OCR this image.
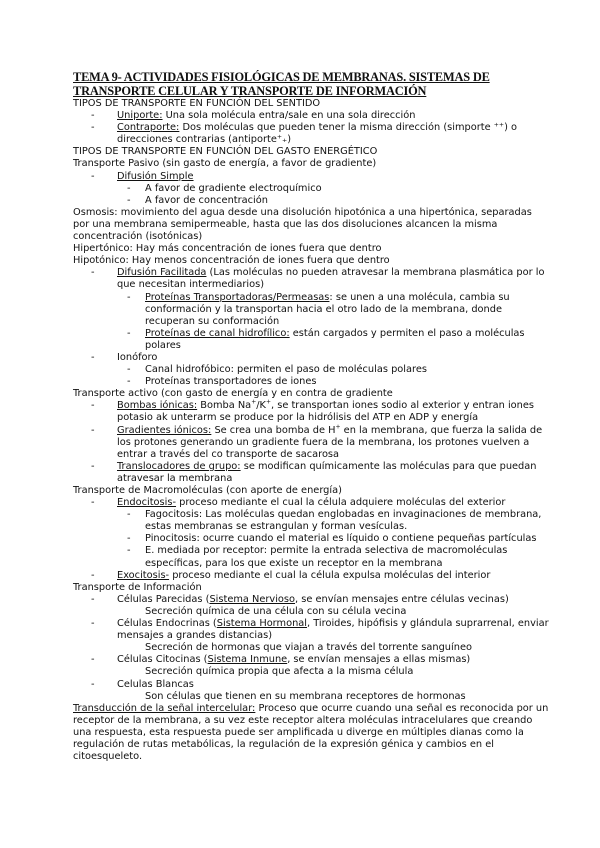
TEMA 9- ACTIVIDADES FISIOLÓGICAS DE MEMBRANAS. SISTEMAS DE
TRANSPORTE CELULAR Y TRANSPORTE DE INFORMACIÓN
TIPOS DE TRANSPORTE EN FUNCIÓN DEL SENTIDO
- Uniporte: Una sola molécula entra/sale en una sola dirección
- Contraporte: Dos moléculas que pueden tener la misma dirección (simporte ⁺⁺) o direcciones contrarias (antiporte⁺₊)
TIPOS DE TRANSPORTE EN FUNCIÓN DEL GASTO ENERGÉTICO
Transporte Pasivo (sin gasto de energía, a favor de gradiente)
- Difusión Simple
- A favor de gradiente electroquímico
- A favor de concentración
Osmosis: movimiento del agua desde una disolución hipotónica a una hipertónica, separadas por una membrana semipermeable, hasta que las dos disoluciones alcancen la misma concentración (isotónicas)
Hipertónico: Hay más concentración de iones fuera que dentro
Hipotónico: Hay menos concentración de iones fuera que dentro
- Difusión Facilitada (Las moléculas no pueden atravesar la membrana plasmática por lo que necesitan intermediarios)
- Proteínas Transportadoras/Permeasas: se unen a una molécula, cambia su conformación y la transportan hacia el otro lado de la membrana, donde recuperan su conformación
- Proteínas de canal hidrofílico: están cargados y permiten el paso a moléculas polares
- Ionóforo
- Canal hidrofóbico: permiten el paso de moléculas polares
- Proteínas transportadores de iones
Transporte activo (con gasto de energía y en contra de gradiente
- Bombas iónicas: Bomba Na+/K+, se transportan iones sodio al exterior y entran iones potasio ak unterarm se produce por la hidrólisis del ATP en ADP y energía
- Gradientes iónicos: Se crea una bomba de H+ en la membrana, que fuerza la salida de los protones generando un gradiente fuera de la membrana, los protones vuelven a entrar a través del co transporte de sacarosa
- Translocadores de grupo: se modifican químicamente las moléculas para que puedan atravesar la membrana
Transporte de Macromoléculas (con aporte de energía)
- Endocitosis- proceso mediante el cual la célula adquiere moléculas del exterior
- Fagocitosis: Las moléculas quedan englobadas en invaginaciones de membrana, estas membranas se estrangulan y forman vesículas.
- Pinocitosis: ocurre cuando el material es líquido o contiene pequeñas partículas
- E. mediada por receptor: permite la entrada selectiva de macromoléculas específicas, para los que existe un receptor en la membrana
- Exocitosis- proceso mediante el cual la célula expulsa moléculas del interior
Transporte de Información
- Células Parecidas (Sistema Nervioso, se envían mensajes entre células vecinas)
Secreción química de una célula con su célula vecina
- Células Endocrinas (Sistema Hormonal, Tiroides, hipófisis y glándula suprarrenal, enviar mensajes a grandes distancias)
Secreción de hormonas que viajan a través del torrente sanguíneo
- Células Citocinas (Sistema Inmune, se envían mensajes a ellas mismas)
Secreción química propia que afecta a la misma célula
- Celulas Blancas
Son células que tienen en su membrana receptores de hormonas
Transducción de la señal intercelular: Proceso que ocurre cuando una señal es reconocida por un receptor de la membrana, a su vez este receptor altera moléculas intracelulares que creando una respuesta, esta respuesta puede ser amplificada u diverge en múltiples dianas como la regulación de rutas metabólicas, la regulación de la expresión génica y cambios en el citoesqueleto.
